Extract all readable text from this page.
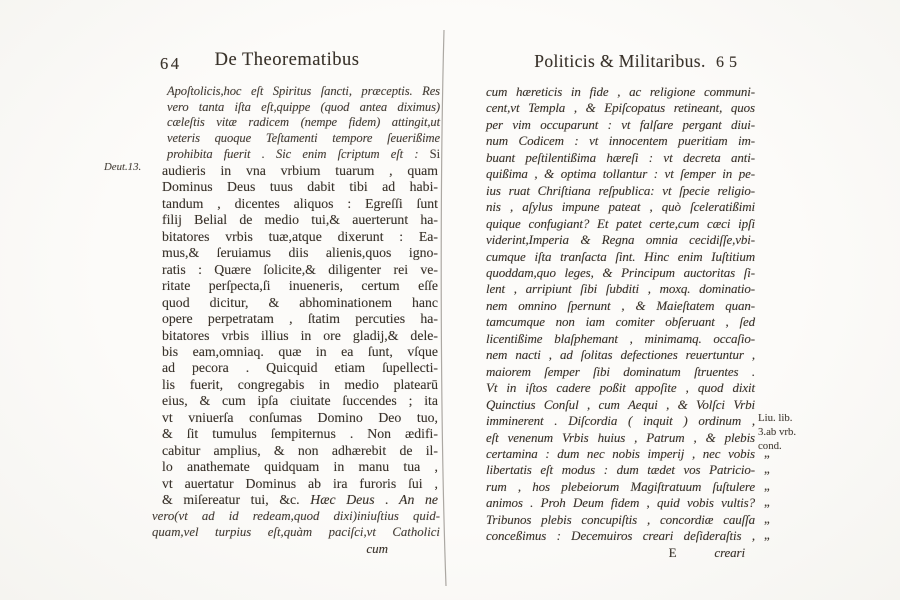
64 De Theorematibus
Deut.13.
Apoſtolicis,hoc eſt Spiritus ſancti, præceptis. Res
vero tanta iſta eſt,quippe (quod antea diximus)
cæleſtis vitæ radicem (nempe fidem) attingit,ut
veteris quoque Teſtamenti tempore ſeuerißime
prohibita fuerit . Sic enim ſcriptum eſt : Si
audieris in vna vrbium tuarum , quam
Dominus Deus tuus dabit tibi ad habi-
tandum , dicentes aliquos : Egreſſi ſunt
filij Belial de medio tui,& auerterunt ha-
bitatores vrbis tuæ,atque dixerunt : Ea-
mus,& ſeruiamus diis alienis,quos igno-
ratis : Quære ſolicite,& diligenter rei ve-
ritate perſpecta,ſi inueneris, certum eſſe
quod dicitur, & abhominationem hanc
opere perpetratam , ſtatim percuties ha-
bitatores vrbis illius in ore gladij,& dele-
bis eam,omniaq. quæ in ea ſunt, vſque
ad pecora . Quicquid etiam ſupellecti-
lis fuerit, congregabis in medio platearū
eius, & cum ipſa ciuitate ſuccendes ; ita
vt vniuerſa conſumas Domino Deo tuo,
& ſit tumulus ſempiternus . Non ædifi-
cabitur amplius, & non adhærebit de il-
lo anathemate quidquam in manu tua ,
vt auertatur Dominus ab ira furoris ſui ,
& miſereatur tui, &c. Hæc Deus . An ne
vero(vt ad id redeam,quod dixi)iniuſtius quid-
quam,vel turpius eſt,quàm paciſci,vt Catholici
cum
Politicis & Militaribus. 65
cum hæreticis in fide , ac religione communi-
cent,vt Templa , & Epiſcopatus retineant, quos
per vim occuparunt : vt falſare pergant diui-
num Codicem : vt innocentem pueritiam im-
buant peſtilentißima hæreſi : vt decreta anti-
quißima , & optima tollantur : vt ſemper in pe-
ius ruat Chriſtiana reſpublica: vt ſpecie religio-
nis , aſylus impune pateat , quò ſceleratißimi
quique confugiant? Et patet certe,cum cæci ipſi
viderint,Imperia & Regna omnia cecidiſſe,vbi-
cumque iſta tranſacta ſint. Hinc enim Iuſtitium
quoddam,quo leges, & Principum auctoritas ſi-
lent , arripiunt ſibi ſubditi , moxq. dominatio-
nem omnino ſpernunt , & Maieſtatem quan-
tamcumque non iam comiter obſeruant , ſed
licentißime blaſphemant , minimamq. occaſio-
nem nacti , ad ſolitas defectiones reuertuntur ,
maiorem ſemper ſibi dominatum ſtruentes .
Vt in iſtos cadere poßit appoſite , quod dixit
Quinctius Conſul , cum Aequi , & Volſci Vrbi
imminerent . Diſcordia ( inquit ) ordinum ,
eſt venenum Vrbis huius , Patrum , & plebis
certamina : dum nec nobis imperij , nec vobis
libertatis eſt modus : dum tædet vos Patricio-
rum , hos plebeiorum Magiſtratuum ſuſtulere
animos . Proh Deum fidem , quid vobis vultis?
Tribunos plebis concupiſtis , concordiæ cauſſa
conceßimus : Decemuiros creari deſideraſtis ,
E	creari
Liu. lib.
3.ab vrb.
cond.
”
”
”
”
”
”
